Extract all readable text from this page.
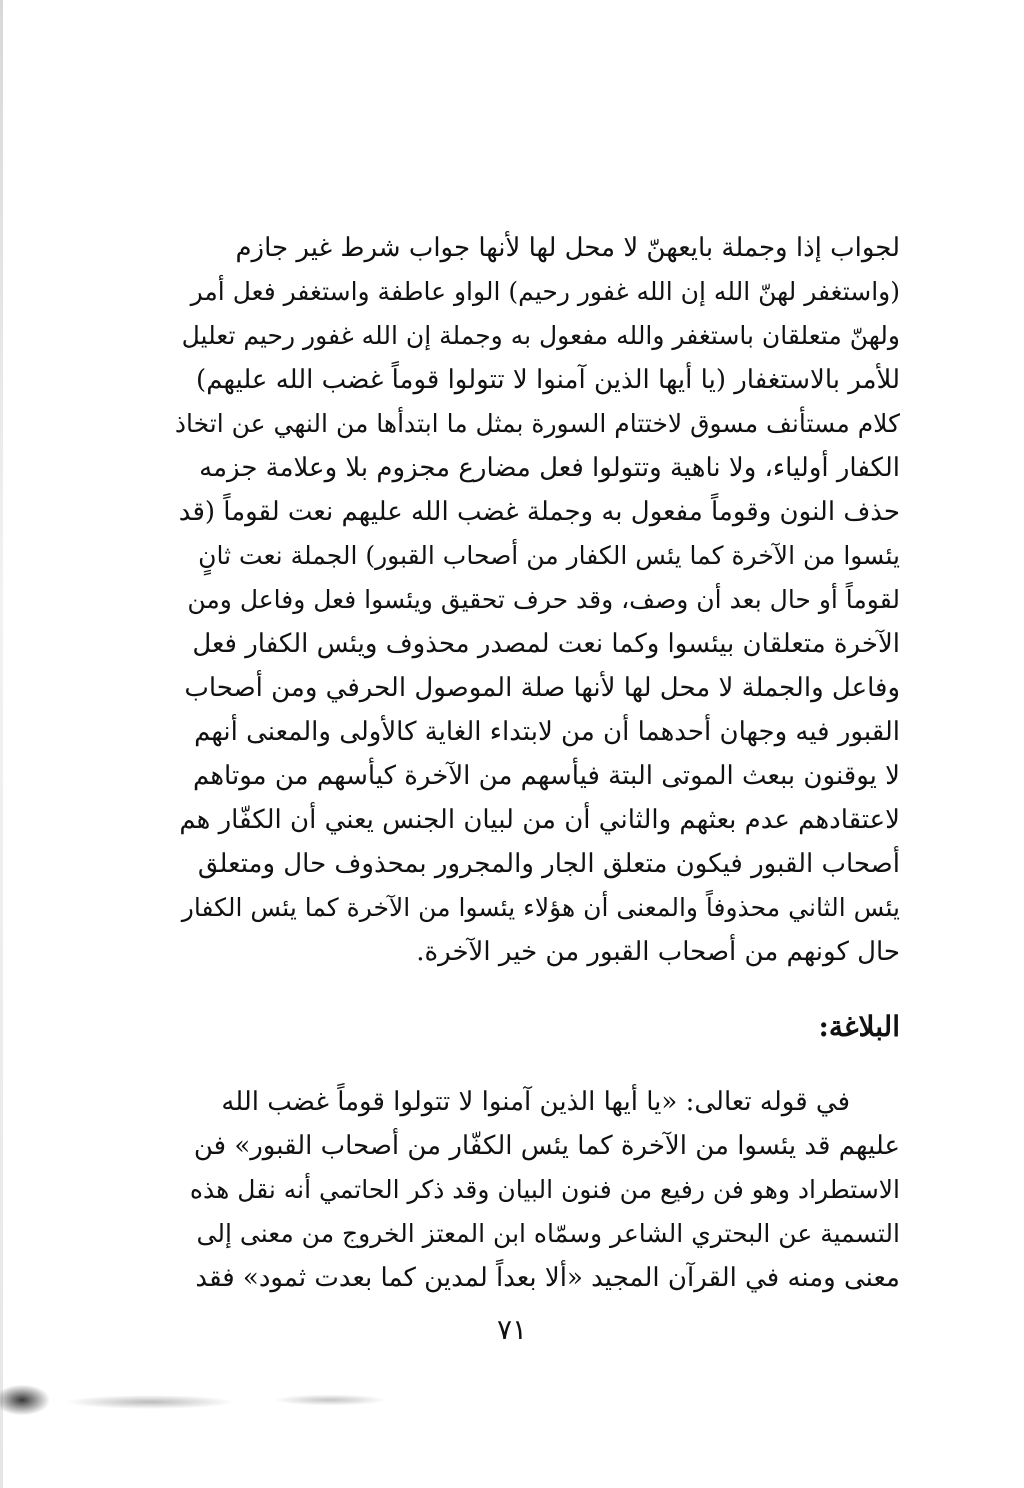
لجواب إذا وجملة بايعهنّ لا محل لها لأنها جواب شرط غير جازم
(واستغفر لهنّ الله إن الله غفور رحيم) الواو عاطفة واستغفر فعل أمر
ولهنّ متعلقان باستغفر والله مفعول به وجملة إن الله غفور رحيم تعليل
للأمر بالاستغفار (يا أيها الذين آمنوا لا تتولوا قوماً غضب الله عليهم)
كلام مستأنف مسوق لاختتام السورة بمثل ما ابتدأها من النهي عن اتخاذ
الكفار أولياء، ولا ناهية وتتولوا فعل مضارع مجزوم بلا وعلامة جزمه
حذف النون وقوماً مفعول به وجملة غضب الله عليهم نعت لقوماً (قد
يئسوا من الآخرة كما يئس الكفار من أصحاب القبور) الجملة نعت ثانٍ
لقوماً أو حال بعد أن وصف، وقد حرف تحقيق ويئسوا فعل وفاعل ومن
الآخرة متعلقان بيئسوا وكما نعت لمصدر محذوف ويئس الكفار فعل
وفاعل والجملة لا محل لها لأنها صلة الموصول الحرفي ومن أصحاب
القبور فيه وجهان أحدهما أن من لابتداء الغاية كالأولى والمعنى أنهم
لا يوقنون ببعث الموتى البتة فيأسهم من الآخرة كيأسهم من موتاهم
لاعتقادهم عدم بعثهم والثاني أن من لبيان الجنس يعني أن الكفّار هم
أصحاب القبور فيكون متعلق الجار والمجرور بمحذوف حال ومتعلق
يئس الثاني محذوفاً والمعنى أن هؤلاء يئسوا من الآخرة كما يئس الكفار
حال كونهم من أصحاب القبور من خير الآخرة.
البلاغة:
في قوله تعالى: «يا أيها الذين آمنوا لا تتولوا قوماً غضب الله
عليهم قد يئسوا من الآخرة كما يئس الكفّار من أصحاب القبور» فن
الاستطراد وهو فن رفيع من فنون البيان وقد ذكر الحاتمي أنه نقل هذه
التسمية عن البحتري الشاعر وسمّاه ابن المعتز الخروج من معنى إلى
معنى ومنه في القرآن المجيد «ألا بعداً لمدين كما بعدت ثمود» فقد
٧١
